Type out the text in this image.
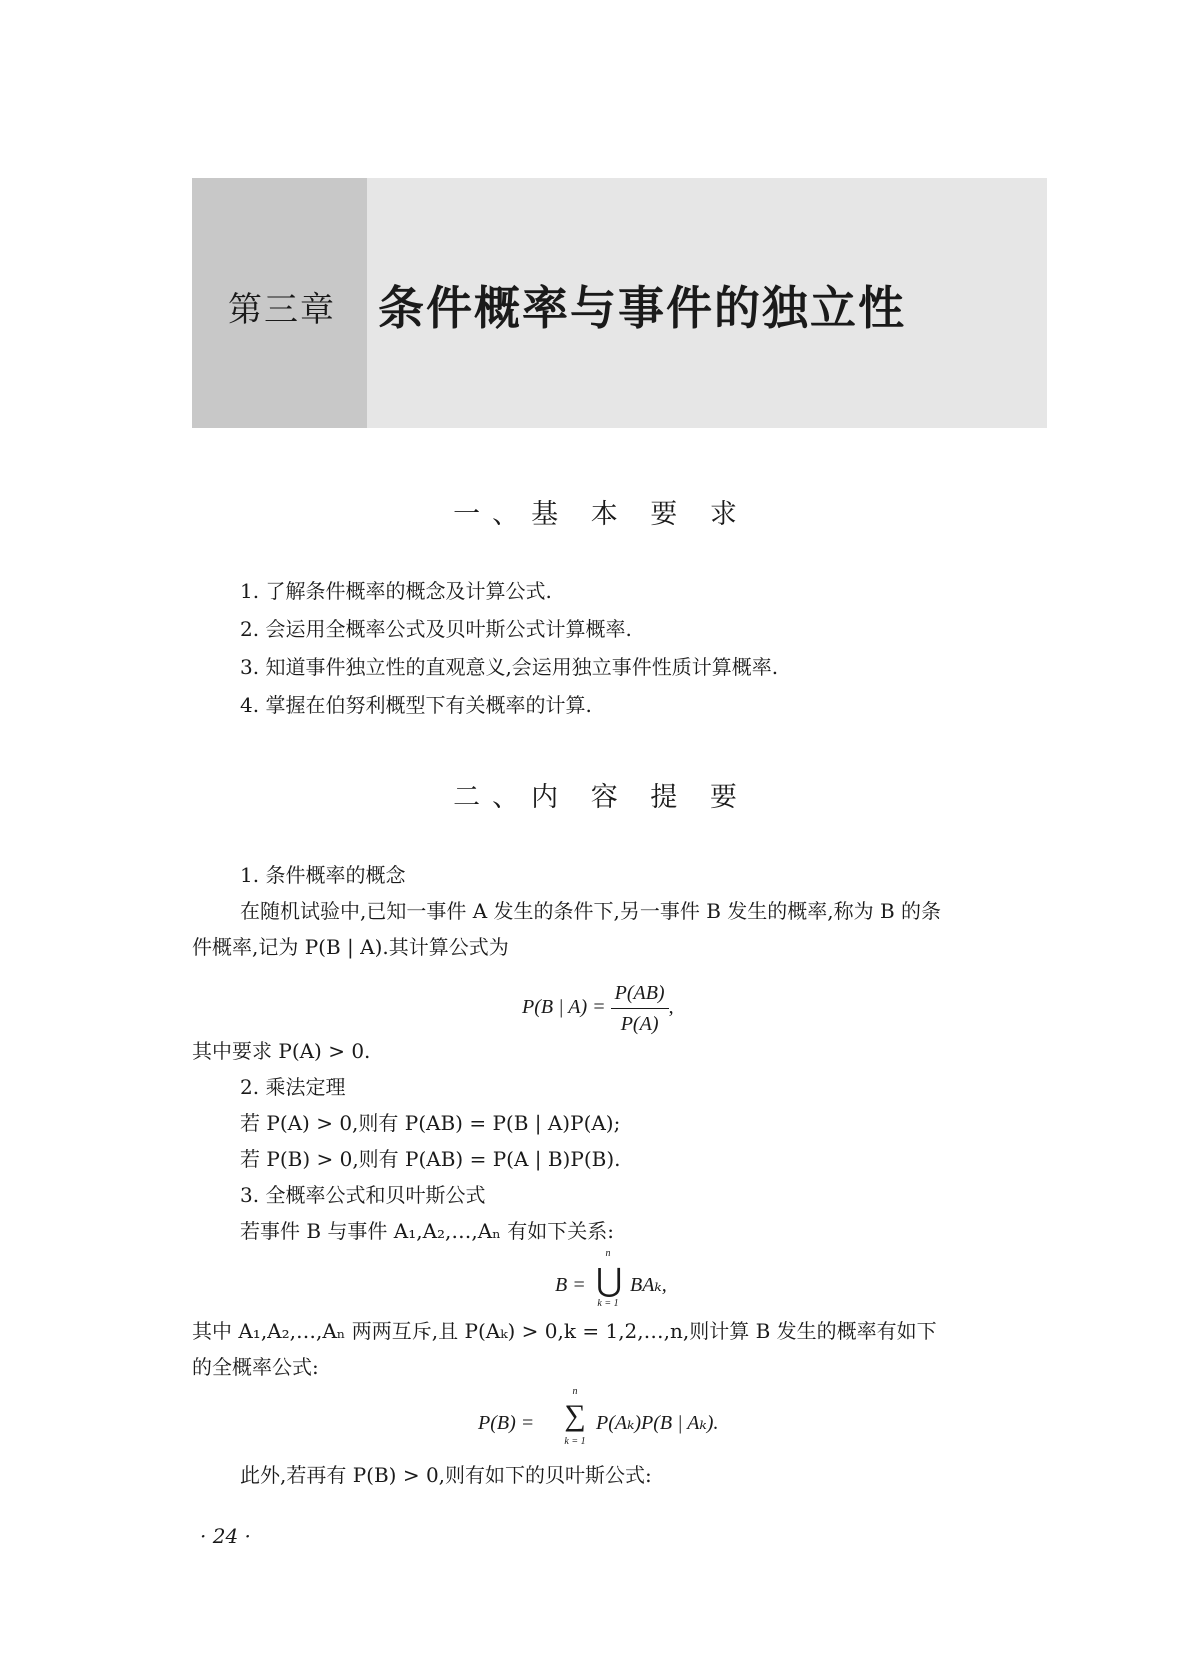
第三章 条件概率与事件的独立性
一、基 本 要 求
1. 了解条件概率的概念及计算公式.
2. 会运用全概率公式及贝叶斯公式计算概率.
3. 知道事件独立性的直观意义,会运用独立事件性质计算概率.
4. 掌握在伯努利概型下有关概率的计算.
二、内 容 提 要
1. 条件概率的概念
在随机试验中,已知一事件 A 发生的条件下,另一事件 B 发生的概率,称为 B 的条
件概率,记为 P(B | A).其计算公式为
P(B | $A) = \frac{P(AB)}{P(A)}$ ,
其中要求 P(A) > 0.
2. 乘法定理
若 P(A) > 0,则有 P(AB) = P(B | A)P(A);
若 P(B) > 0,则有 P(AB) = P(A | B)P(B).
3. 全概率公式和贝叶斯公式
若事件 B 与事件 A₁,A₂,…,Aₙ 有如下关系:
B = ⋃
n
k = 1
BAₖ,
其中 A₁,A₂,…,Aₙ 两两互斥,且 P(Aₖ) > 0,k = 1,2,…,n,则计算 B 发生的概率有如下
的全概率公式:
P(B) = ∑
n
k = 1
P(Aₖ)P(B | Aₖ).
此外,若再有 P(B) > 0,则有如下的贝叶斯公式:
· 24 ·
